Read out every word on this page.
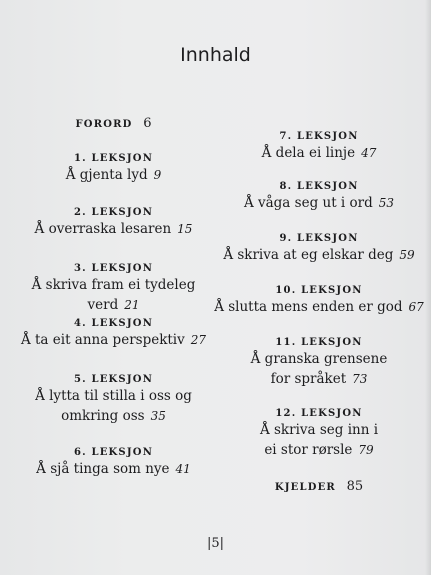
Innhald
FORORD 6
1. LEKSJON
Å gjenta lyd 9
2. LEKSJON
Å overraska lesaren 15
3. LEKSJON
Å skriva fram ei tydeleg verd 21
4. LEKSJON
Å ta eit anna perspektiv 27
5. LEKSJON
Å lytta til stilla i oss og
omkring oss 35
6. LEKSJON
Å sjå tinga som nye 41
7. LEKSJON
Å dela ei linje 47
8. LEKSJON
Å våga seg ut i ord 53
9. LEKSJON
Å skriva at eg elskar deg 59
10. LEKSJON
Å slutta mens enden er god 67
11. LEKSJON
Å granska grensene
for språket 73
12. LEKSJON
Å skriva seg inn i
ei stor rørsle 79
KJELDER 85
|5|
